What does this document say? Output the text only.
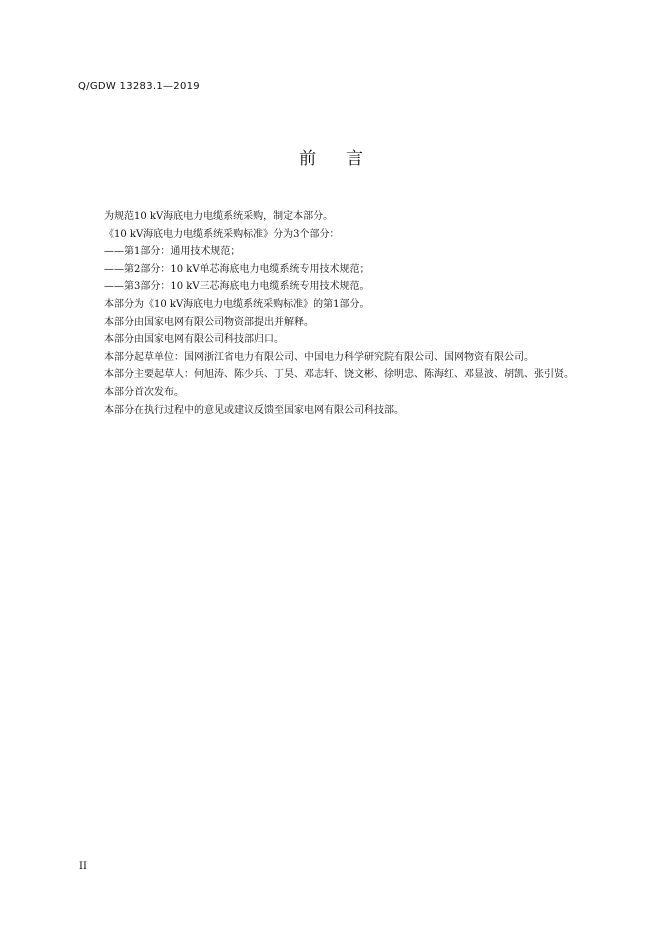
Q/GDW 13283.1—2019
前 言

为规范10 kV海底电力电缆系统采购，制定本部分。

《10 kV海底电力电缆系统采购标准》分为3个部分：

——第1部分：通用技术规范；

——第2部分：10 kV单芯海底电力电缆系统专用技术规范；

——第3部分：10 kV三芯海底电力电缆系统专用技术规范。

本部分为《10 kV海底电力电缆系统采购标准》的第1部分。

本部分由国家电网有限公司物资部提出并解释。

本部分由国家电网有限公司科技部归口。

本部分起草单位：国网浙江省电力有限公司、中国电力科学研究院有限公司、国网物资有限公司。

本部分主要起草人：何旭涛、陈少兵、丁昊、邓志轩、饶文彬、徐明忠、陈海红、邓显波、胡凯、张引贤。

本部分首次发布。

本部分在执行过程中的意见或建议反馈至国家电网有限公司科技部。

II
